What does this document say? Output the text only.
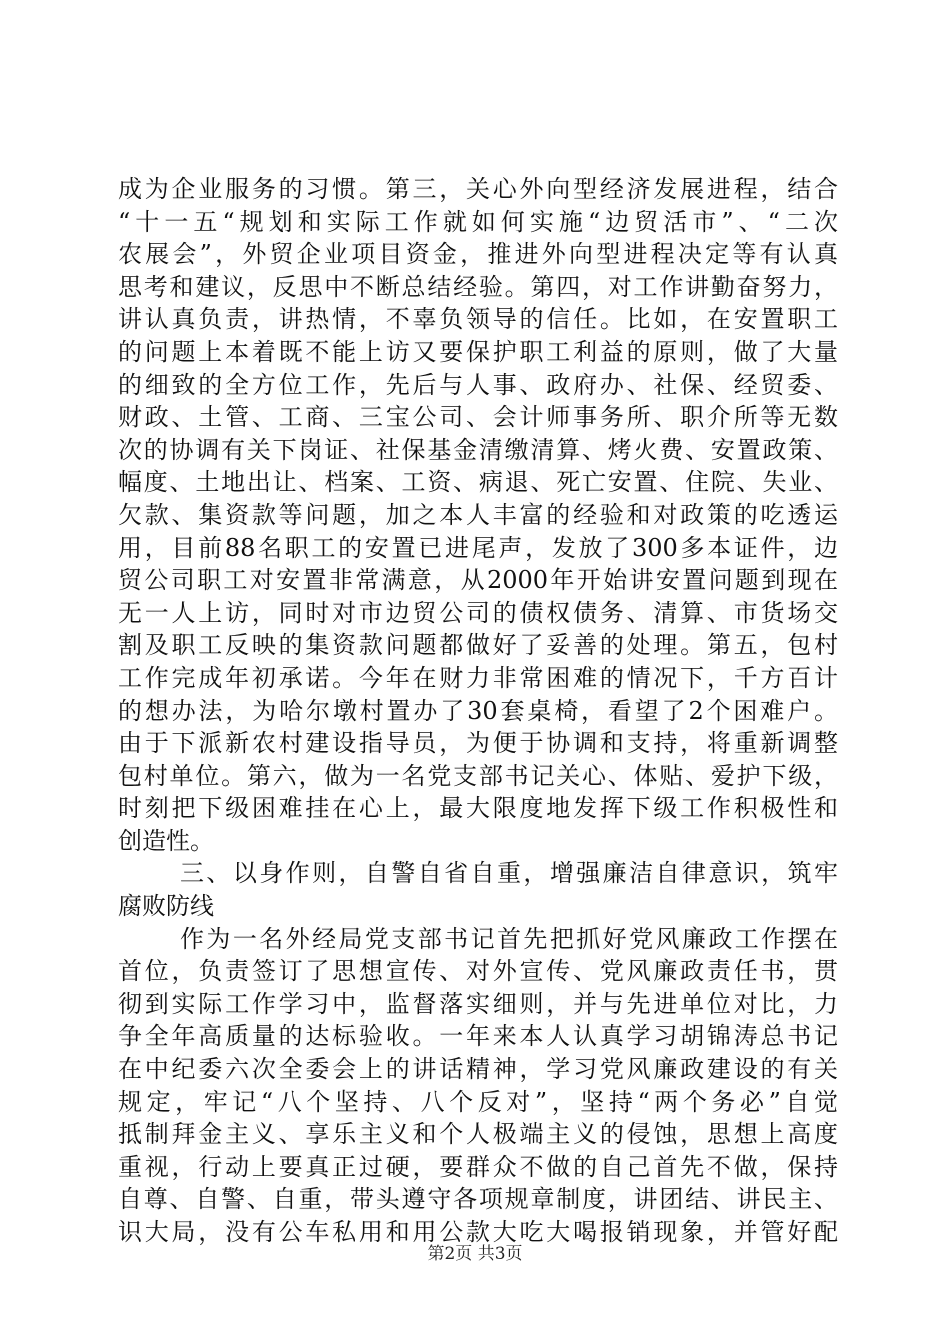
成为企业服务的习惯。第三，关心外向型经济发展进程，结合
“十一五“规划和实际工作就如何实施“边贸活市”、“二次
农展会”，外贸企业项目资金，推进外向型进程决定等有认真
思考和建议，反思中不断总结经验。第四，对工作讲勤奋努力，
讲认真负责，讲热情，不辜负领导的信任。比如，在安置职工
的问题上本着既不能上访又要保护职工利益的原则，做了大量
的细致的全方位工作，先后与人事、政府办、社保、经贸委、
财政、土管、工商、三宝公司、会计师事务所、职介所等无数
次的协调有关下岗证、社保基金清缴清算、烤火费、安置政策、
幅度、土地出让、档案、工资、病退、死亡安置、住院、失业、
欠款、集资款等问题，加之本人丰富的经验和对政策的吃透运
用，目前88名职工的安置已进尾声，发放了300多本证件，边
贸公司职工对安置非常满意，从2000年开始讲安置问题到现在
无一人上访，同时对市边贸公司的债权债务、清算、市货场交
割及职工反映的集资款问题都做好了妥善的处理。第五，包村
工作完成年初承诺。今年在财力非常困难的情况下，千方百计
的想办法，为哈尔墩村置办了30套桌椅，看望了2个困难户。
由于下派新农村建设指导员，为便于协调和支持，将重新调整
包村单位。第六，做为一名党支部书记关心、体贴、爱护下级，
时刻把下级困难挂在心上，最大限度地发挥下级工作积极性和
创造性。
三、以身作则，自警自省自重，增强廉洁自律意识，筑牢
腐败防线
作为一名外经局党支部书记首先把抓好党风廉政工作摆在
首位，负责签订了思想宣传、对外宣传、党风廉政责任书，贯
彻到实际工作学习中，监督落实细则，并与先进单位对比，力
争全年高质量的达标验收。一年来本人认真学习胡锦涛总书记
在中纪委六次全委会上的讲话精神，学习党风廉政建设的有关
规定，牢记“八个坚持、八个反对”，坚持“两个务必”自觉
抵制拜金主义、享乐主义和个人极端主义的侵蚀，思想上高度
重视，行动上要真正过硬，要群众不做的自己首先不做，保持
自尊、自警、自重，带头遵守各项规章制度，讲团结、讲民主、
识大局，没有公车私用和用公款大吃大喝报销现象，并管好配
第2页 共3页
